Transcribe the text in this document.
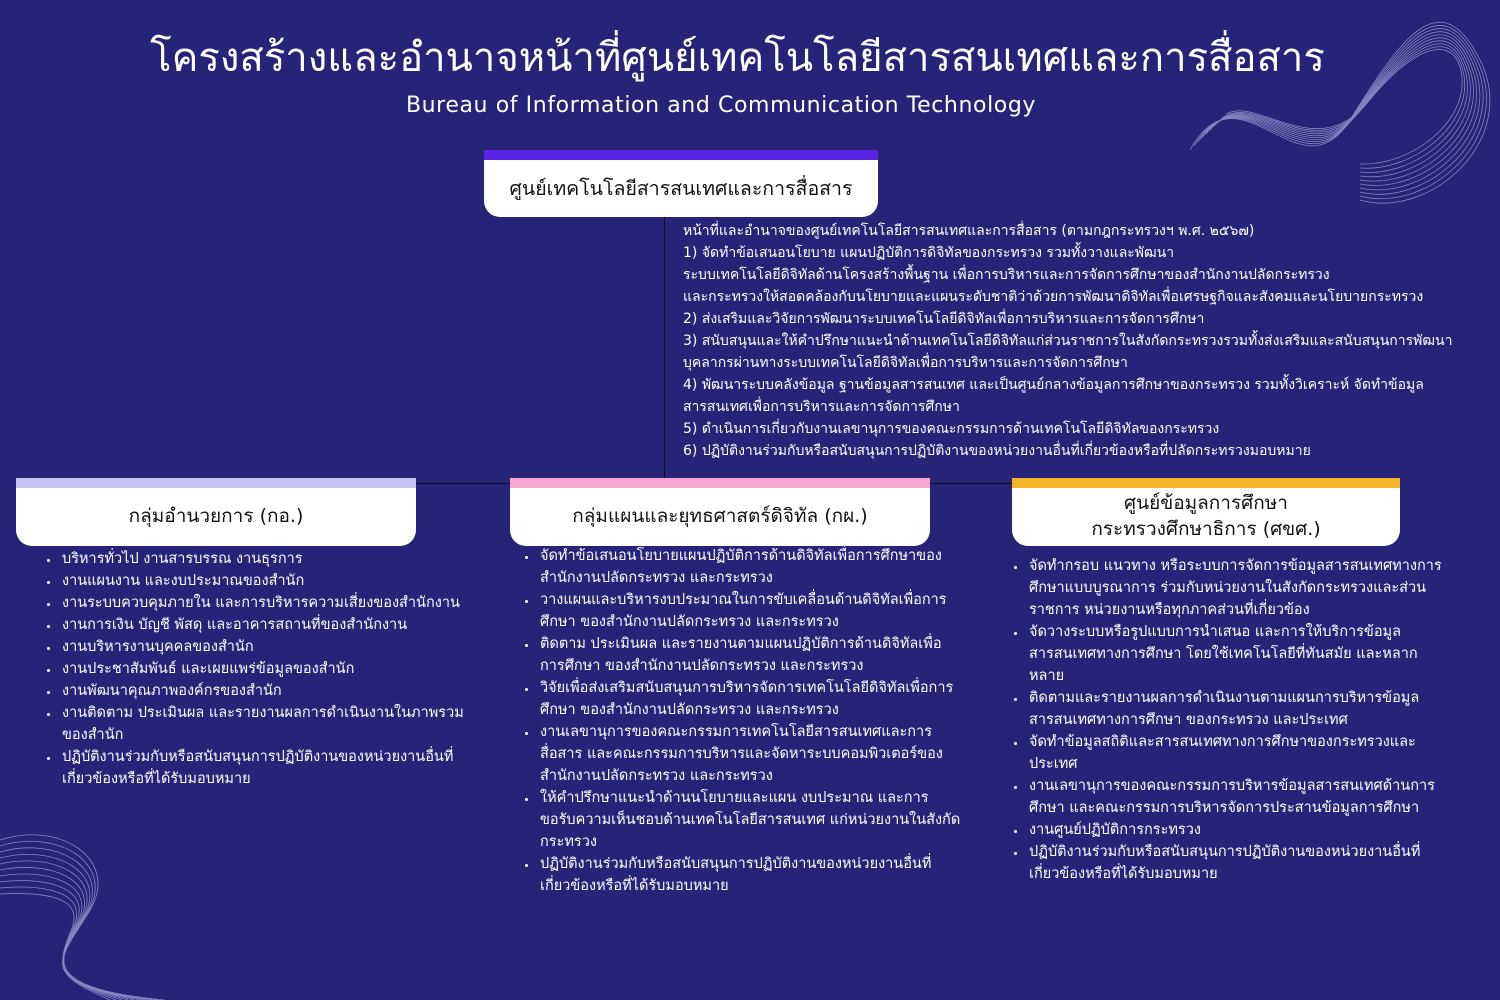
โครงสร้างและอำนาจหน้าที่ศูนย์เทคโนโลยีสารสนเทศและการสื่อสาร
Bureau of Information and Communication Technology
ศูนย์เทคโนโลยีสารสนเทศและการสื่อสาร
หน้าที่และอำนาจของศูนย์เทคโนโลยีสารสนเทศและการสื่อสาร (ตามกฎกระทรวงฯ พ.ศ. ๒๕๖๗)
1) จัดทำข้อเสนอนโยบาย แผนปฏิบัติการดิจิทัลของกระทรวง รวมทั้งวางและพัฒนา
ระบบเทคโนโลยีดิจิทัลด้านโครงสร้างพื้นฐาน เพื่อการบริหารและการจัดการศึกษาของสำนักงานปลัดกระทรวง
และกระทรวงให้สอดคล้องกับนโยบายและแผนระดับชาติว่าด้วยการพัฒนาดิจิทัลเพื่อเศรษฐกิจและสังคมและนโยบายกระทรวง
2) ส่งเสริมและวิจัยการพัฒนาระบบเทคโนโลยีดิจิทัลเพื่อการบริหารและการจัดการศึกษา
3) สนับสนุนและให้คำปรึกษาแนะนำด้านเทคโนโลยีดิจิทัลแก่ส่วนราชการในสังกัดกระทรวงรวมทั้งส่งเสริมและสนับสนุนการพัฒนา
บุคลากรผ่านทางระบบเทคโนโลยีดิจิทัลเพื่อการบริหารและการจัดการศึกษา
4) พัฒนาระบบคลังข้อมูล ฐานข้อมูลสารสนเทศ และเป็นศูนย์กลางข้อมูลการศึกษาของกระทรวง รวมทั้งวิเคราะห์ จัดทำข้อมูล
สารสนเทศเพื่อการบริหารและการจัดการศึกษา
5) ดำเนินการเกี่ยวกับงานเลขานุการของคณะกรรมการด้านเทคโนโลยีดิจิทัลของกระทรวง
6) ปฏิบัติงานร่วมกับหรือสนับสนุนการปฏิบัติงานของหน่วยงานอื่นที่เกี่ยวข้องหรือที่ปลัดกระทรวงมอบหมาย
กลุ่มอำนวยการ (กอ.)
• บริหารทั่วไป งานสารบรรณ งานธุรการ
• งานแผนงาน และงบประมาณของสำนัก
• งานระบบควบคุมภายใน และการบริหารความเสี่ยงของสำนักงาน
• งานการเงิน บัญชี พัสดุ และอาคารสถานที่ของสำนักงาน
• งานบริหารงานบุคคลของสำนัก
• งานประชาสัมพันธ์ และเผยแพร่ข้อมูลของสำนัก
• งานพัฒนาคุณภาพองค์กรของสำนัก
• งานติดตาม ประเมินผล และรายงานผลการดำเนินงานในภาพรวมของสำนัก
• ปฏิบัติงานร่วมกับหรือสนับสนุนการปฏิบัติงานของหน่วยงานอื่นที่เกี่ยวข้องหรือที่ได้รับมอบหมาย
กลุ่มแผนและยุทธศาสตร์ดิจิทัล (กผ.)
• จัดทำข้อเสนอนโยบายแผนปฏิบัติการด้านดิจิทัลเพื่อการศึกษาของสำนักงานปลัดกระทรวง และกระทรวง
• วางแผนและบริหารงบประมาณในการขับเคลื่อนด้านดิจิทัลเพื่อการศึกษา ของสำนักงานปลัดกระทรวง และกระทรวง
• ติดตาม ประเมินผล และรายงานตามแผนปฏิบัติการด้านดิจิทัลเพื่อการศึกษา ของสำนักงานปลัดกระทรวง และกระทรวง
• วิจัยเพื่อส่งเสริมสนับสนุนการบริหารจัดการเทคโนโลยีดิจิทัลเพื่อการศึกษา ของสำนักงานปลัดกระทรวง และกระทรวง
• งานเลขานุการของคณะกรรมการเทคโนโลยีสารสนเทศและการสื่อสาร และคณะกรรมการบริหารและจัดหาระบบคอมพิวเตอร์ของสำนักงานปลัดกระทรวง และกระทรวง
• ให้คำปรึกษาแนะนำด้านนโยบายและแผน งบประมาณ และการขอรับความเห็นชอบด้านเทคโนโลยีสารสนเทศ แก่หน่วยงานในสังกัดกระทรวง
• ปฏิบัติงานร่วมกับหรือสนับสนุนการปฏิบัติงานของหน่วยงานอื่นที่เกี่ยวข้องหรือที่ได้รับมอบหมาย
ศูนย์ข้อมูลการศึกษา
กระทรวงศึกษาธิการ (ศขศ.)
• จัดทำกรอบ แนวทาง หรือระบบการจัดการข้อมูลสารสนเทศทางการศึกษาแบบบูรณาการ ร่วมกับหน่วยงานในสังกัดกระทรวงและส่วนราชการ หน่วยงานหรือทุกภาคส่วนที่เกี่ยวข้อง
• จัดวางระบบหรือรูปแบบการนำเสนอ และการให้บริการข้อมูลสารสนเทศทางการศึกษา โดยใช้เทคโนโลยีที่ทันสมัย และหลากหลาย
• ติดตามและรายงานผลการดำเนินงานตามแผนการบริหารข้อมูลสารสนเทศทางการศึกษา ของกระทรวง และประเทศ
• จัดทำข้อมูลสถิติและสารสนเทศทางการศึกษาของกระทรวงและประเทศ
• งานเลขานุการของคณะกรรมการบริหารข้อมูลสารสนเทศด้านการศึกษา และคณะกรรมการบริหารจัดการประสานข้อมูลการศึกษา
• งานศูนย์ปฏิบัติการกระทรวง
• ปฏิบัติงานร่วมกับหรือสนับสนุนการปฏิบัติงานของหน่วยงานอื่นที่เกี่ยวข้องหรือที่ได้รับมอบหมาย
